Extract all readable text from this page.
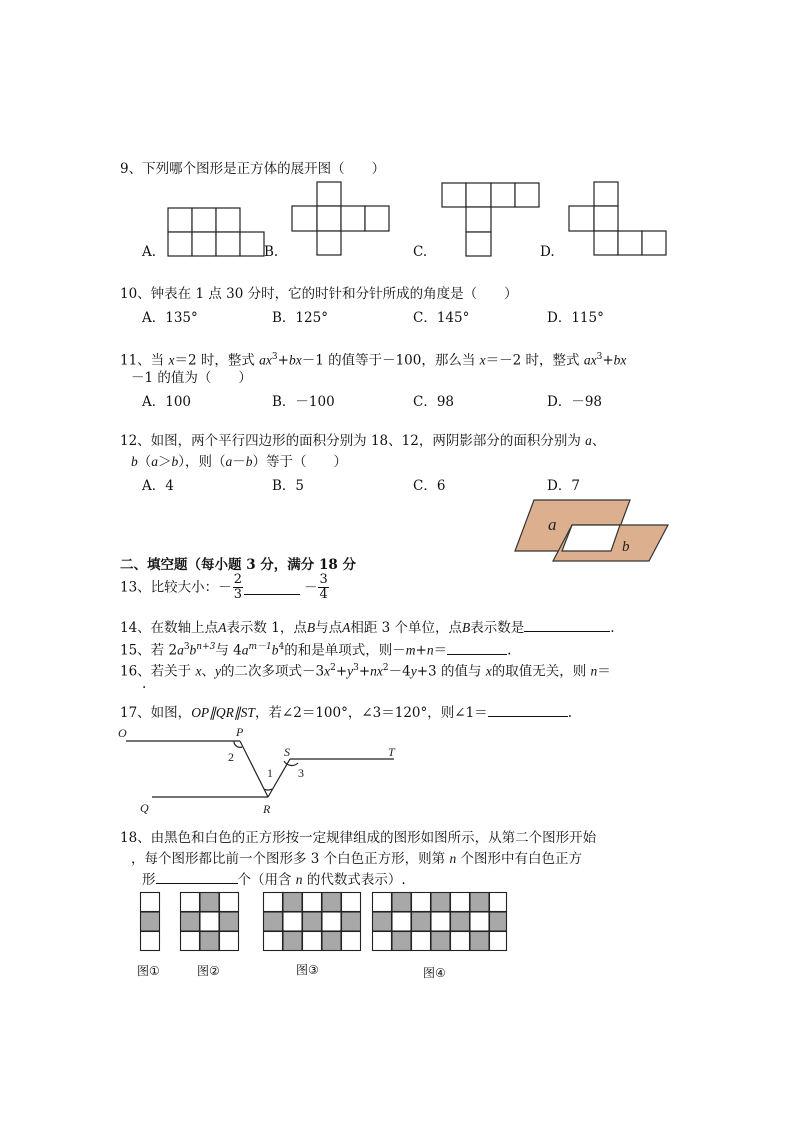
9、下列哪个图形是正方体的展开图（　　）
A.	B.	C.	D.
10、钟表在 1 点 30 分时，它的时针和分针所成的角度是（　　）
A．135°	B．125°	C．145°	D．115°
11、当 x＝2 时，整式 $ax^3+bx-1$ 的值等于－100，那么当 x＝－2 时，整式 $ax^3+bx$
－1 的值为（　　）
A．100	B．－100	C．98	D．－98
12、如图，两个平行四边形的面积分别为 18、12，两阴影部分的面积分别为 a、
b（a＞b），则（a－b）等于（　　）
A．4	B．5	C．6	D．7
a
b
二、填空题（每小题 3 分，满分 18 分
13、比较大小：－ $\frac{2}{3}$	－ $\frac{3}{4}$
14、在数轴上点A表示数 1，点B与点A相距 3 个单位，点B表示数是	.
15、若 $2a^3b^{n+3}$与 $4a^{m-1}b^4$的和是单项式，则－m+n＝	.
16、若关于 x、y的二次多项式$-3x^2+y^3+nx^2-4y+3$ 的值与 x的取值无关，则 n＝
.
17、如图，OP∥QR∥ST，若∠2＝100°，∠3＝120°，则∠1＝	.
O	P
S	T
Q	R
1
2
3
18、由黑色和白色的正方形按一定规律组成的图形如图所示，从第二个图形开始
，每个图形都比前一个图形多 3 个白色正方形，则第 n 个图形中有白色正方
形	个（用含 n 的代数式表示）.
图①	图②	图③	图④
